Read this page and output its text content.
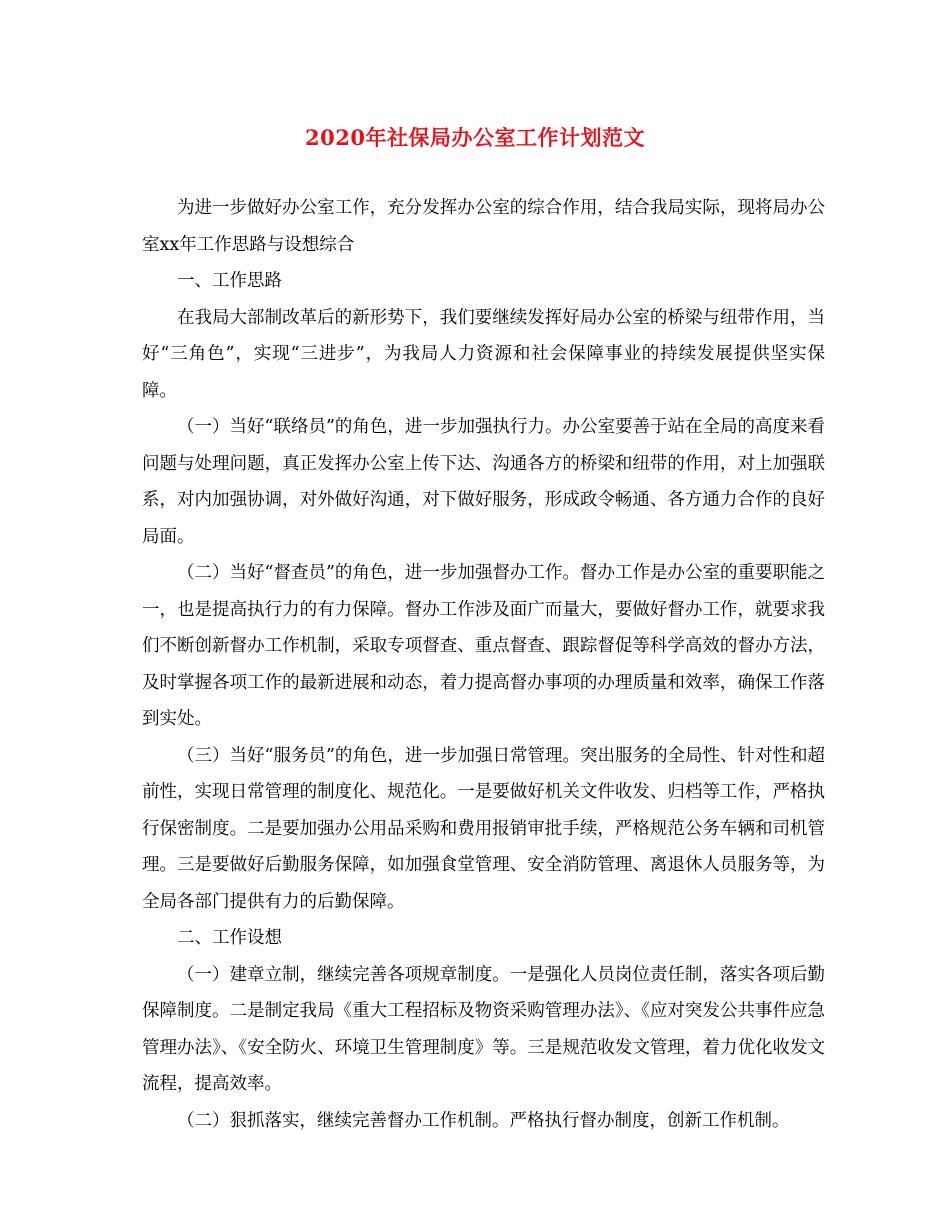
2020年社保局办公室工作计划范文

为进一步做好办公室工作，充分发挥办公室的综合作用，结合我局实际，现将局办公室xx年工作思路与设想综合

一、工作思路

在我局大部制改革后的新形势下，我们要继续发挥好局办公室的桥梁与纽带作用，当好“三角色”，实现“三进步”，为我局人力资源和社会保障事业的持续发展提供坚实保障。

（一）当好“联络员”的角色，进一步加强执行力。办公室要善于站在全局的高度来看问题与处理问题，真正发挥办公室上传下达、沟通各方的桥梁和纽带的作用，对上加强联系，对内加强协调，对外做好沟通，对下做好服务，形成政令畅通、各方通力合作的良好局面。

（二）当好“督查员”的角色，进一步加强督办工作。督办工作是办公室的重要职能之一，也是提高执行力的有力保障。督办工作涉及面广而量大，要做好督办工作，就要求我们不断创新督办工作机制，采取专项督查、重点督查、跟踪督促等科学高效的督办方法，及时掌握各项工作的最新进展和动态，着力提高督办事项的办理质量和效率，确保工作落到实处。

（三）当好“服务员”的角色，进一步加强日常管理。突出服务的全局性、针对性和超前性，实现日常管理的制度化、规范化。一是要做好机关文件收发、归档等工作，严格执行保密制度。二是要加强办公用品采购和费用报销审批手续，严格规范公务车辆和司机管理。三是要做好后勤服务保障，如加强食堂管理、安全消防管理、离退休人员服务等，为全局各部门提供有力的后勤保障。

二、工作设想

（一）建章立制，继续完善各项规章制度。一是强化人员岗位责任制，落实各项后勤保障制度。二是制定我局《重大工程招标及物资采购管理办法》、《应对突发公共事件应急管理办法》、《安全防火、环境卫生管理制度》等。三是规范收发文管理，着力优化收发文流程，提高效率。

（二）狠抓落实，继续完善督办工作机制。严格执行督办制度，创新工作机制。
